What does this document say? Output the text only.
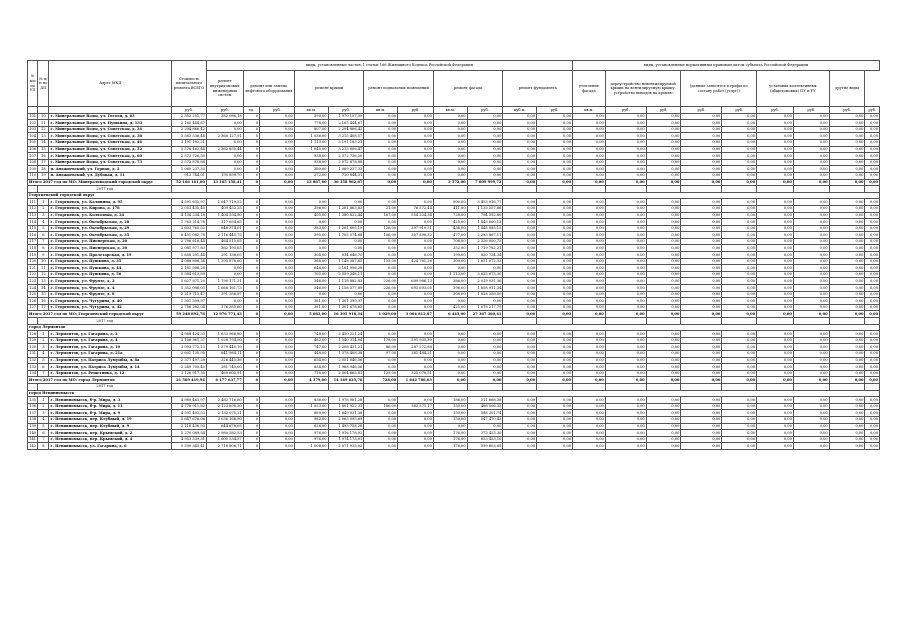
№ п/п по УП	№ п/п по ДП	Адрес МКД	Стоимость капитального ремонта ВСЕГО	виды, установленные частью 1 статьи 166 Жилищного Кодекса Российской Федерации											виды, установленные нормативным правовым актом субъекта Российской Федерации								
				ремонт внутридомовых инженерных систем	ремонт или замена лифтового оборудования		ремонт крыши		ремонт подвальных помещений		ремонт фасада		ремонт фундамента		утепление фасада	переустройство невентилируемой крыши на вентилируемую крышу, устройство выходов на кровлю		(данные заносятся в графы по составу работ (услуг))		установка коллективных (общедомовых) ПУ и УУ		другие виды	
			руб.	руб.	ед.	руб.	кв.м.	руб.	кв.м.	руб.	кв.м.	руб.	куб.м.	руб.	кв.м.	руб.	руб.	руб.	руб.	руб.	руб.	руб.	руб.
101	10	г. Минеральные Воды, ул. Гоголя, д. 63	2 352 251,77	382 086,18	0	0,00	590,00	1 970 157,59	0,00	0,00	0,00	0,00	0,00	0,00	0,00	0,00	0,00	0,00	0,00	0,00	0,00	0,00	0,00
102	11	г. Минеральные Воды, ул. Пушкина, д. 133	2 165 444,67	0,00	0	0,00	778,00	2 165 444,67	0,00	0,00	0,00	0,00	0,00	0,00	0,00	0,00	0,00	0,00	0,00	0,00	0,00	0,00	0,00
103	12	г. Минеральные Воды, ул. Советская, д. 34	2 294 866,42	0,00	0	0,00	807,00	2 294 866,42	0,00	0,00	0,00	0,00	0,00	0,00	0,00	0,00	0,00	0,00	0,00	0,00	0,00	0,00	0,00
104	13	г. Минеральные Воды, ул. Советская, д. 38	5 583 536,48	2 368 127,91	0	0,00	1 036,00	3 215 408,57	0,00	0,00	0,00	0,00	0,00	0,00	0,00	0,00	0,00	0,00	0,00	0,00	0,00	0,00	0,00
105	14	г. Минеральные Воды, ул. Советская, д. 46	3 191 183,21	0,00	0	0,00	1 113,00	3 191 183,21	0,00	0,00	0,00	0,00	0,00	0,00	0,00	0,00	0,00	0,00	0,00	0,00	0,00	0,00	0,00
106	15	г. Минеральные Воды, ул. Советская, д. 52	5 576 462,44	2 362 855,44	0	0,00	1 045,00	3 213 606,47	0,00	0,00	0,00	0,00	0,00	0,00	0,00	0,00	0,00	0,00	0,00	0,00	0,00	0,00	0,00
107	16	г. Минеральные Воды, ул. Советская, д. 60	2 572 726,50	0,00	0	0,00	938,00	2 572 726,50	0,00	0,00	0,00	0,00	0,00	0,00	0,00	0,00	0,00	0,00	0,00	0,00	0,00	0,00	0,00
108	17	г. Минеральные Воды, ул. Советская, д. 73	2 572 878,88	0,00	0	0,00	938,00	2 572 878,88	0,00	0,00	0,00	0,00	0,00	0,00	0,00	0,00	0,00	0,00	0,00	0,00	0,00	0,00	0,00
109	18	п. Анджиевский, ул. Горная, д. 2	1 069 237,33	0,00	0	0,00	380,00	1 069 237,33	0,00	0,00	0,00	0,00	0,00	0,00	0,00	0,00	0,00	0,00	0,00	0,00	0,00	0,00	0,00
110	19	п. Анджиевский, ул. Дубовая, д. 11	913 744,01	190 899,70	0	0,00	272,00	720 844,31	0,00	0,00	0,00	0,00	0,00	0,00	0,00	0,00	0,00	0,00	0,00	0,00	0,00	0,00	0,00
Итого 2017 год по МО: Минераловодский городской округ			52 166 161,00	13 165 158,41	0	0,00	13 867,00	36 358 962,87	0,00	0,00	2 572,00	7 609 999,72	0,00	0,00	0,00	0,00	0,00	0,00	0,00	0,00	0,00	0,00	0,00
	2017 год																						
Георгиевский городской округ																							
111	1	г. Георгиевск, ул. Калинина, д. 95	4 591 635,97	1 047 719,52	0	0,00	0,00	0,00	0,00	0,00	900,00	3 453 916,77	0,00	0,00	0,00	0,00	0,00	0,00	0,00	0,00	0,00	0,00	0,00
112	2	г. Георгиевск, ул. Кирова, д. 178	2 053 435,45	409 452,25	0	0,00	396,00	1 281 863,83	21,00	76 572,44	411,00	1 133 357,66	0,00	0,00	0,00	0,00	0,00	0,00	0,00	0,00	0,00	0,00	0,00
113	3	г. Георгиевск, ул. Колхозная, д. 24	4 134 234,18	1 404 594,80	0	0,00	405,00	1 380 822,44	167,00	554 224,34	728,00	794 592,60	0,00	0,00	0,00	0,00	0,00	0,00	0,00	0,00	0,00	0,00	0,00
114	4	г. Георгиевск, ул. Октябрьская, д. 28	1 763 214,78	317 654,65	0	0,00	0,00	0,00	0,00	0,00	425,00	1 445 060,13	0,00	0,00	0,00	0,00	0,00	0,00	0,00	0,00	0,00	0,00	0,00
115	5	г. Георгиевск, ул. Октябрьская, д. 29	3 603 765,52	648 374,01	0	0,00	383,00	1 261 605,19	126,00	397 910,51	436,00	1 445 085,15	0,00	0,00	0,00	0,00	0,00	0,00	0,00	0,00	0,00	0,00	0,00
116	6	г. Георгиевск, ул. Октябрьская, д. 35	6 451 082,78	2 116 445,75	0	0,00	395,00	1 705 574,68	106,00	307 898,32	477,00	2 285 867,11	0,00	0,00	0,00	0,00	0,00	0,00	0,00	0,00	0,00	0,00	0,00
117	7	г. Георгиевск, ул. Пионерская, д. 20	2 796 616,44	464 515,63	0	0,00	0,00	0,00	0,00	0,00	706,00	2 326 000,75	0,00	0,00	0,00	0,00	0,00	0,00	0,00	0,00	0,00	0,00	0,00
118	8	г. Георгиевск, ул. Пионерская, д. 30	2 081 977,83	362 195,63	0	0,00	0,00	0,00	0,00	0,00	352,00	1 719 782,21	0,00	0,00	0,00	0,00	0,00	0,00	0,00	0,00	0,00	0,00	0,00
119	9	г. Георгиевск, ул. Пролетарская, д. 19	1 658 291,44	291 136,05	0	0,00	304,00	914 646,70	0,00	0,00	199,00	820 724,34	0,00	0,00	0,00	0,00	0,00	0,00	0,00	0,00	0,00	0,00	0,00
120	10	г. Георгиевск, ул. Пушкина, д. 35	4 088 806,24	1 395 878,60	0	0,00	368,00	1 148 587,65	155,00	424 761,26	309,00	1 651 072,53	0,00	0,00	0,00	0,00	0,00	0,00	0,00	0,00	0,00	0,00	0,00
121	11	г. Георгиевск, ул. Пушкина, д. 44	2 161 996,28	0,00	0	0,00	646,00	2 161 996,28	0,00	0,00	0,00	0,00	0,00	0,00	0,00	0,00	0,00	0,00	0,00	0,00	0,00	0,00	0,00
122	12	г. Георгиевск, ул. Пушкина, д. 56	5 584 613,89	0,00	0	0,00	765,00	2 559 348,11	0,00	0,00	1 113,00	3 025 673,30	0,00	0,00	0,00	0,00	0,00	0,00	0,00	0,00	0,00	0,00	0,00
123	13	г. Георгиевск, ул. Фрунзе, д. 2	5 627 971,20	1 790 171,31	0	0,00	346,00	1 118 882,83	226,00	699 986,13	386,00	2 019 031,36	0,00	0,00	0,00	0,00	0,00	0,00	0,00	0,00	0,00	0,00	0,00
124	14	г. Георгиевск, ул. Фрунзе, д. 4	5 352 096,03	1 666 161,73	0	0,00	346,00	1 158 577,89	226,00	693 693,05	396,00	1 858 911,34	0,00	0,00	0,00	0,00	0,00	0,00	0,00	0,00	0,00	0,00	0,00
125	15	г. Георгиевск, ул. Фрунзе, д. 8	2 219 715,47	391 356,97	0	0,00	0,00	0,00	0,00	0,00	308,00	1 828 358,50	0,00	0,00	0,00	0,00	0,00	0,00	0,00	0,00	0,00	0,00	0,00
126	16	г. Георгиевск, ул. Чугурина, д. 40	1 301 399,97	0,00	0	0,00	381,00	1 301 399,97	0,00	0,00	0,00	0,00	0,00	0,00	0,00	0,00	0,00	0,00	0,00	0,00	0,00	0,00	0,00
127	17	г. Георгиевск, ул. Чугурина, д. 42	2 756 282,04	376 385,60	0	0,00	381,00	1 301 678,65	0,00	0,00	425,00	1 078 217,79	0,00	0,00	0,00	0,00	0,00	0,00	0,00	0,00	0,00	0,00	0,00
Итого 2017 год по МО: Георгиевский городской округ			59 248 892,78	12 976 771,43	0	0,00	5 083,00	16 305 918,34	1 029,00	3 004 812,87	6 445,00	27 367 360,41	0,00	0,00	0,00	0,00	0,00	0,00	0,00	0,00	0,00	0,00	0,00
	2017 год																						
город Лермонтов																							
128	1	г. Лермонтов, ул. Гагарина, д. 2	4 988 424,33	1 633 966,80	0	0,00	748,00	2 450 221,24	0,00	0,00	0,00	0,00	0,00	0,00	0,00	0,00	0,00	0,00	0,00	0,00	0,00	0,00	0,00
129	2	г. Лермонтов, ул. Гагарина, д. 4	3 106 361,37	1 028 794,00	0	0,00	462,00	1 540 314,04	178,00	591 935,30	0,00	0,00	0,00	0,00	0,00	0,00	0,00	0,00	0,00	0,00	0,00	0,00	0,00
130	3	г. Лермонтов, ул. Гагарина, д. 10	3 993 772,13	1 579 445,19	0	0,00	747,00	2 208 431,21	86,00	287 272,88	0,00	0,00	0,00	0,00	0,00	0,00	0,00	0,00	0,00	0,00	0,00	0,00	0,00
131	4	г. Лермонтов, ул. Гагарина, д. 21а	2 601 135,95	841 984,11	0	0,00	448,00	1 378 408,38	97,00	381 484,21	0,00	0,00	0,00	0,00	0,00	0,00	0,00	0,00	0,00	0,00	0,00	0,00	0,00
132	5	г. Лермонтов, ул. Патриса Лумумбы, д. 8а	2 377 497,28	326 445,36	0	0,00	654,00	2 051 046,56	0,00	0,00	0,00	0,00	0,00	0,00	0,00	0,00	0,00	0,00	0,00	0,00	0,00	0,00	0,00
133	6	г. Лермонтов, ул. Патриса Лумумбы, д. 14	2 249 705,40	281 745,00	0	0,00	654,00	1 968 946,56	0,00	0,00	0,00	0,00	0,00	0,00	0,00	0,00	0,00	0,00	0,00	0,00	0,00	0,00	0,00
134	7	г. Лермонтов, ул. Решетника, д. 12	3 128 917,35	469 605,91	0	0,00	718,00	2 504 665,81	129,00	325 078,51	0,00	0,00	0,00	0,00	0,00	0,00	0,00	0,00	0,00	0,00	0,00	0,00	0,00
Итого 2017 год по МО: город Лермонтов			21 569 419,94	6 177 637,77	0	0,00	4 379,00	14 149 625,76	728,00	1 642 786,03	0,00	0,00	0,00	0,00	0,00	0,00	0,00	0,00	0,00	0,00	0,00	0,00	0,00
	2017 год																						
город Невинномысск																							
135	1	г. Невинномысск, б-р. Мира, д. 3	4 980 463,97	2 482 716,60	0	0,00	836,00	1 976 981,28	0,00	0,00	186,00	511 668,38	0,00	0,00	0,00	0,00	0,00	0,00	0,00	0,00	0,00	0,00	0,00
136	2	г. Невинномысск, б-р. Мира, д. 11	4 778 911,82	2 123 898,30	0	0,00	1 053,00	1 801 922,31	186,00	362 571,17	150,00	488 506,35	0,00	0,00	0,00	0,00	0,00	0,00	0,00	0,00	0,00	0,00	0,00
137	3	г. Невинномысск, б-р. Мира, д. 9	4 591 403,53	2 132 075,21	0	0,00	689,00	1 649 031,38	0,00	0,00	150,00	588 201,74	0,00	0,00	0,00	0,00	0,00	0,00	0,00	0,00	0,00	0,00	0,00
138	4	г. Невинномысск, пер. Клубный, д. 19	5 647 676,06	3 036 166,90	0	0,00	982,00	2 063 095,69	0,00	0,00	150,00	547 470,43	0,00	0,00	0,00	0,00	0,00	0,00	0,00	0,00	0,00	0,00	0,00
139	5	г. Невинномысск, пер. Клубный, д. 9	2 118 436,93	644 678,05	0	0,00	626,00	1 493 758,28	0,00	0,00	0,00	0,00	0,00	0,00	0,00	0,00	0,00	0,00	0,00	0,00	0,00	0,00	0,00
140	6	г. Невинномысск, пер. Крымский, д. 2	5 270 089,54	2 980 582,53	0	0,00	976,00	1 916 178,02	0,00	0,00	176,00	373 423,30	0,00	0,00	0,00	0,00	0,00	0,00	0,00	0,00	0,00	0,00	0,00
141	7	г. Невинномысск, пер. Крымский, д. 4	4 953 539,31	1 605 534,57	0	0,00	976,00	1 974 173,01	0,00	0,00	176,00	653 423,10	0,00	0,00	0,00	0,00	0,00	0,00	0,00	0,00	0,00	0,00	0,00
142	8	г. Невинномысск, ул. Гагарина, д. 6	5 390 345,41	2 718 806,71	0	0,00	1 006,00	2 071 935,02	0,00	0,00	176,00	599 603,68	0,00	0,00	0,00	0,00	0,00	0,00	0,00	0,00	0,00	0,00	0,00
